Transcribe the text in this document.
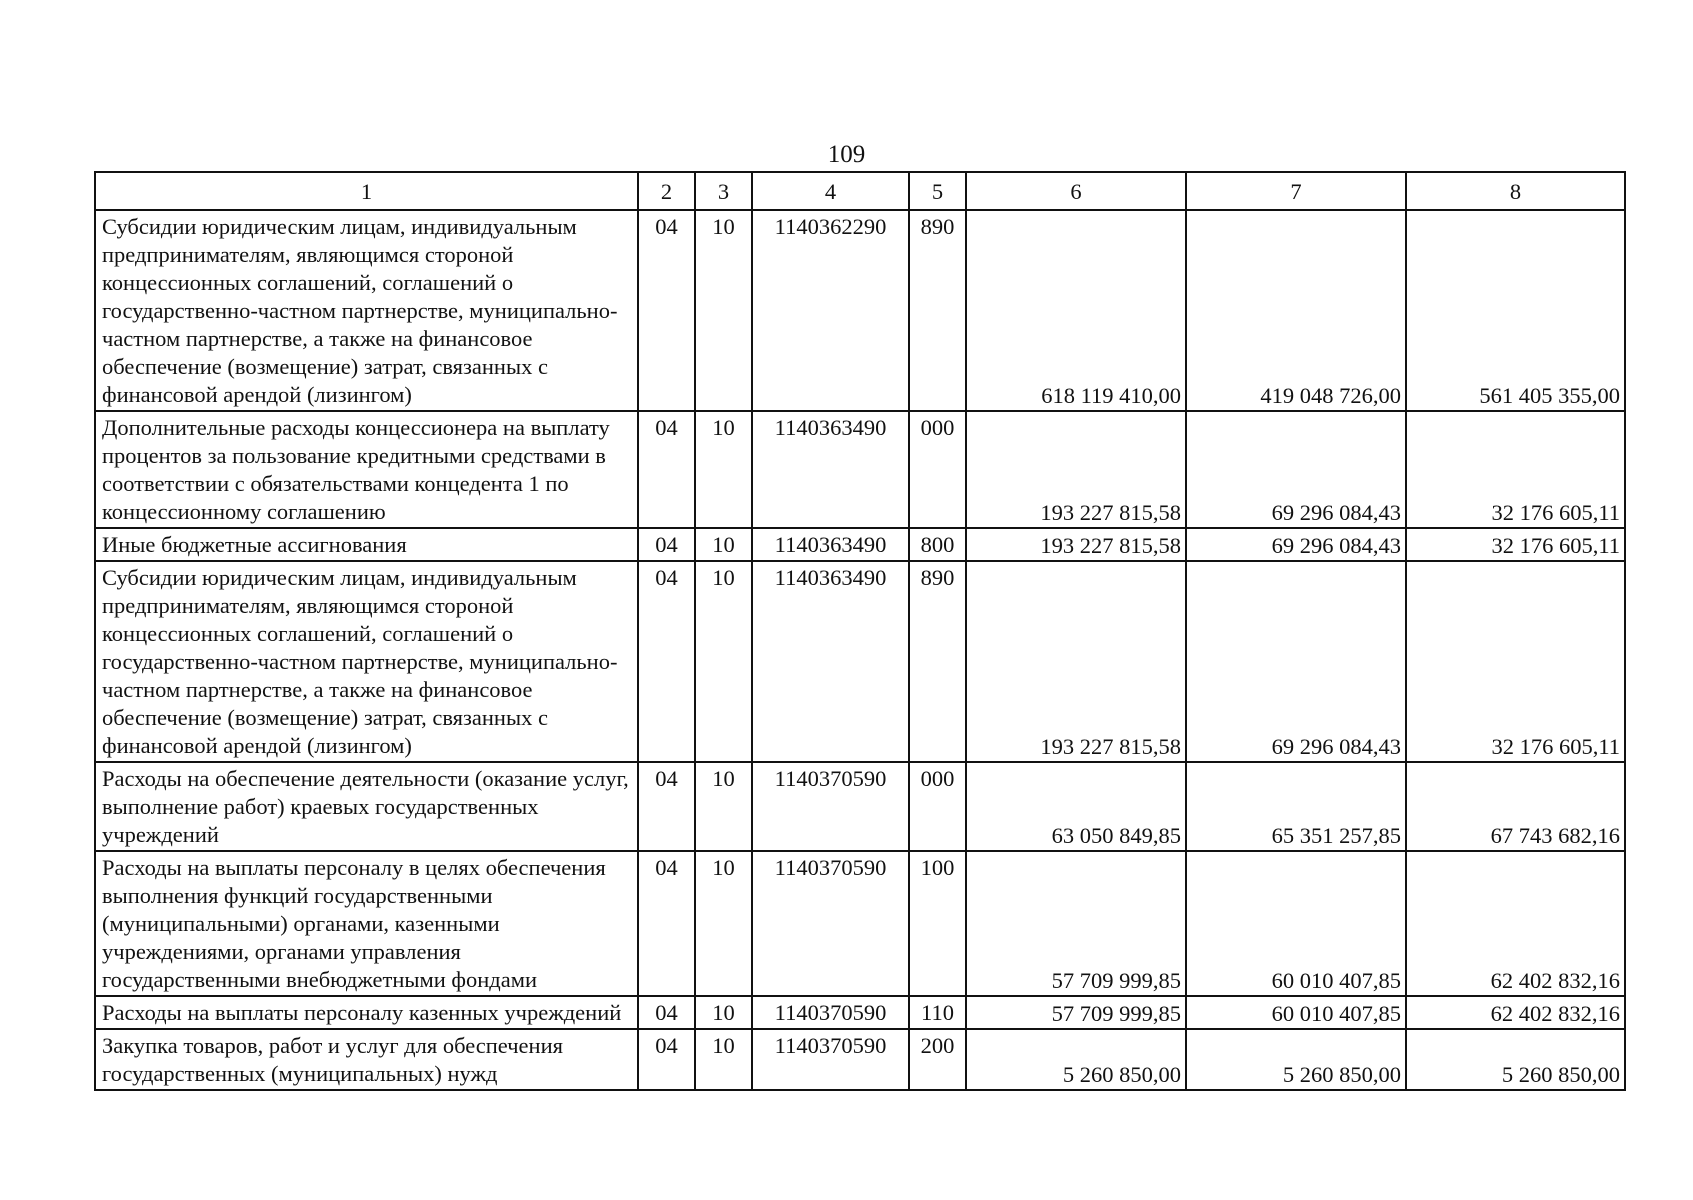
109
1	2	3	4	5	6	7	8
Субсидии юридическим лицам, индивидуальным предпринимателям, являющимся стороной концессионных соглашений, соглашений о государственно-частном партнерстве, муниципально-частном партнерстве, а также на финансовое обеспечение (возмещение) затрат, связанных с финансовой арендой (лизингом)	04	10	1140362290	890	618 119 410,00	419 048 726,00	561 405 355,00
Дополнительные расходы концессионера на выплату процентов за пользование кредитными средствами в соответствии с обязательствами концедента 1 по концессионному соглашению	04	10	1140363490	000	193 227 815,58	69 296 084,43	32 176 605,11
Иные бюджетные ассигнования	04	10	1140363490	800	193 227 815,58	69 296 084,43	32 176 605,11
Субсидии юридическим лицам, индивидуальным предпринимателям, являющимся стороной концессионных соглашений, соглашений о государственно-частном партнерстве, муниципально-частном партнерстве, а также на финансовое обеспечение (возмещение) затрат, связанных с финансовой арендой (лизингом)	04	10	1140363490	890	193 227 815,58	69 296 084,43	32 176 605,11
Расходы на обеспечение деятельности (оказание услуг, выполнение работ) краевых государственных учреждений	04	10	1140370590	000	63 050 849,85	65 351 257,85	67 743 682,16
Расходы на выплаты персоналу в целях обеспечения выполнения функций государственными (муниципальными) органами, казенными учреждениями, органами управления государственными внебюджетными фондами	04	10	1140370590	100	57 709 999,85	60 010 407,85	62 402 832,16
Расходы на выплаты персоналу казенных учреждений	04	10	1140370590	110	57 709 999,85	60 010 407,85	62 402 832,16
Закупка товаров, работ и услуг для обеспечения государственных (муниципальных) нужд	04	10	1140370590	200	5 260 850,00	5 260 850,00	5 260 850,00
